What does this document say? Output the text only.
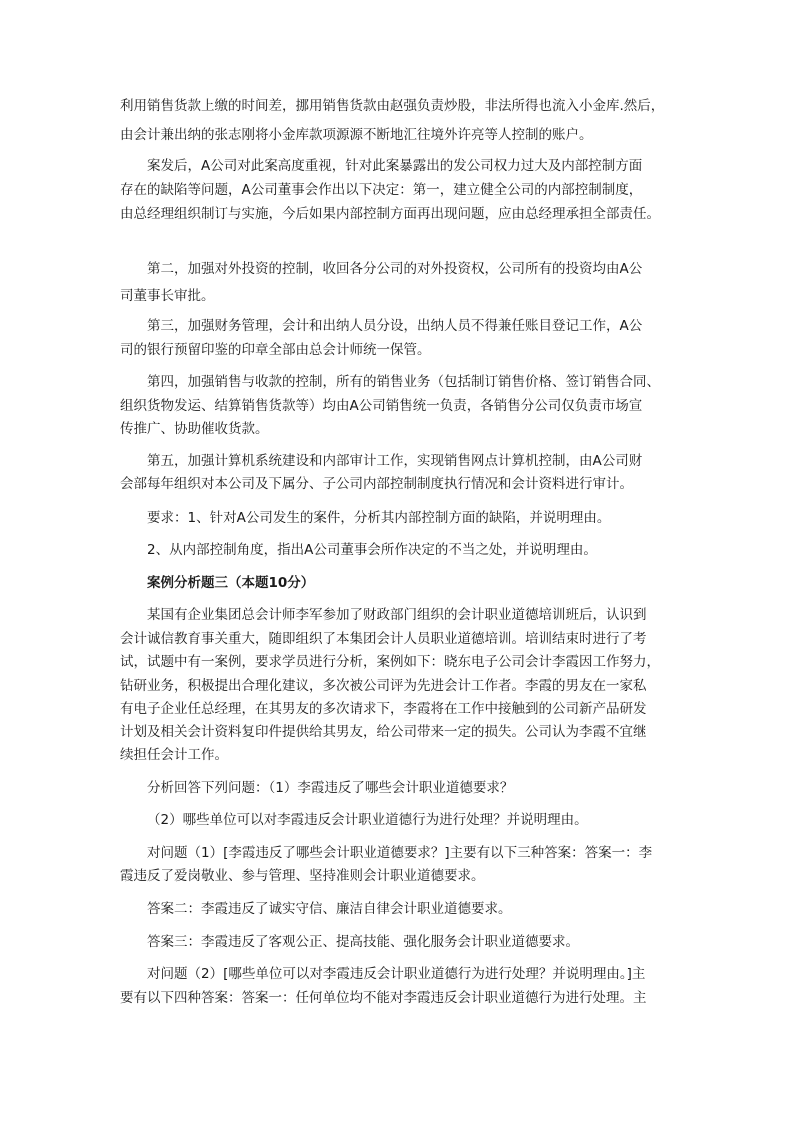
利用销售货款上缴的时间差，挪用销售货款由赵强负责炒股，非法所得也流入小金库.然后，

由会计兼出纳的张志刚将小金库款项源源不断地汇往境外许亮等人控制的账户。

案发后，A公司对此案高度重视，针对此案暴露出的发公司权力过大及内部控制方面

存在的缺陷等问题，A公司董事会作出以下决定：第一，建立健全公司的内部控制制度，

由总经理组织制订与实施，今后如果内部控制方面再出现问题，应由总经理承担全部责任。

第二，加强对外投资的控制，收回各分公司的对外投资权，公司所有的投资均由A公

司董事长审批。

第三，加强财务管理，会计和出纳人员分设，出纳人员不得兼任账目登记工作，A公

司的银行预留印鉴的印章全部由总会计师统一保管。

第四，加强销售与收款的控制，所有的销售业务（包括制订销售价格、签订销售合同、

组织货物发运、结算销售货款等）均由A公司销售统一负责，各销售分公司仅负责市场宣

传推广、协助催收货款。

第五，加强计算机系统建设和内部审计工作，实现销售网点计算机控制，由A公司财

会部每年组织对本公司及下属分、子公司内部控制制度执行情况和会计资料进行审计。

要求：1、针对A公司发生的案件，分析其内部控制方面的缺陷，并说明理由。

2、从内部控制角度，指出A公司董事会所作决定的不当之处，并说明理由。

案例分析题三（本题10分）

某国有企业集团总会计师李军参加了财政部门组织的会计职业道德培训班后，认识到

会计诚信教育事关重大，随即组织了本集团会计人员职业道德培训。培训结束时进行了考

试，试题中有一案例，要求学员进行分析，案例如下：晓东电子公司会计李霞因工作努力，

钻研业务，积极提出合理化建议，多次被公司评为先进会计工作者。李霞的男友在一家私

有电子企业任总经理，在其男友的多次请求下，李霞将在工作中接触到的公司新产品研发

计划及相关会计资料复印件提供给其男友，给公司带来一定的损失。公司认为李霞不宜继

续担任会计工作。

分析回答下列问题：（1）李霞违反了哪些会计职业道德要求？

（2）哪些单位可以对李霞违反会计职业道德行为进行处理？并说明理由。

对问题（1）[李霞违反了哪些会计职业道德要求？]主要有以下三种答案：答案一：李

霞违反了爱岗敬业、参与管理、坚持准则会计职业道德要求。

答案二：李霞违反了诚实守信、廉洁自律会计职业道德要求。

答案三：李霞违反了客观公正、提高技能、强化服务会计职业道德要求。

对问题（2）[哪些单位可以对李霞违反会计职业道德行为进行处理？并说明理由。]主

要有以下四种答案：答案一：任何单位均不能对李霞违反会计职业道德行为进行处理。主
